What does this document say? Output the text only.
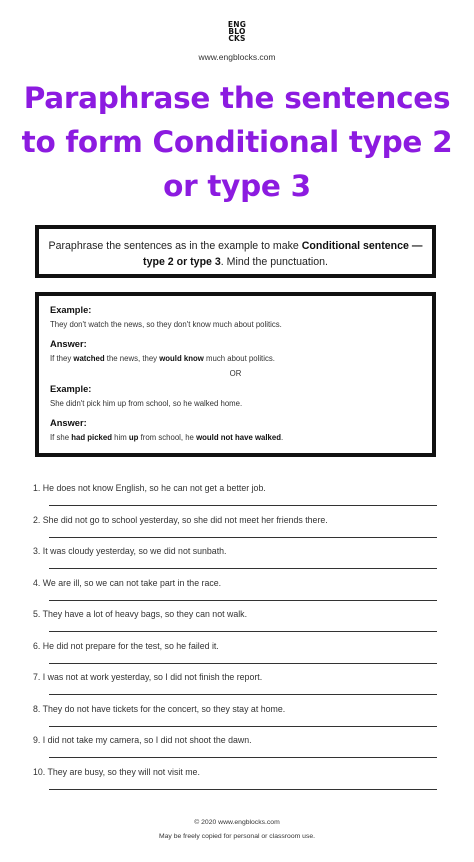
ENG
BLO
CKS
www.engblocks.com
Paraphrase the sentences to form Conditional type 2 or type 3
Paraphrase the sentences as in the example to make Conditional sentence — type 2 or type 3. Mind the punctuation.
Example:
They don't watch the news, so they don't know much about politics.
Answer:
If they watched the news, they would know much about politics.
OR
Example:
She didn't pick him up from school, so he walked home.
Answer:
If she had picked him up from school, he would not have walked.
1. He does not know English, so he can not get a better job.
2. She did not go to school yesterday, so she did not meet her friends there.
3. It was cloudy yesterday, so we did not sunbath.
4. We are ill, so we can not take part in the race.
5. They have a lot of heavy bags, so they can not walk.
6. He did not prepare for the test, so he failed it.
7. I was not at work yesterday, so I did not finish the report.
8. They do not have tickets for the concert, so they stay at home.
9. I did not take my camera, so I did not shoot the dawn.
10. They are busy, so they will not visit me.
© 2020 www.engblocks.com
May be freely copied for personal or classroom use.
